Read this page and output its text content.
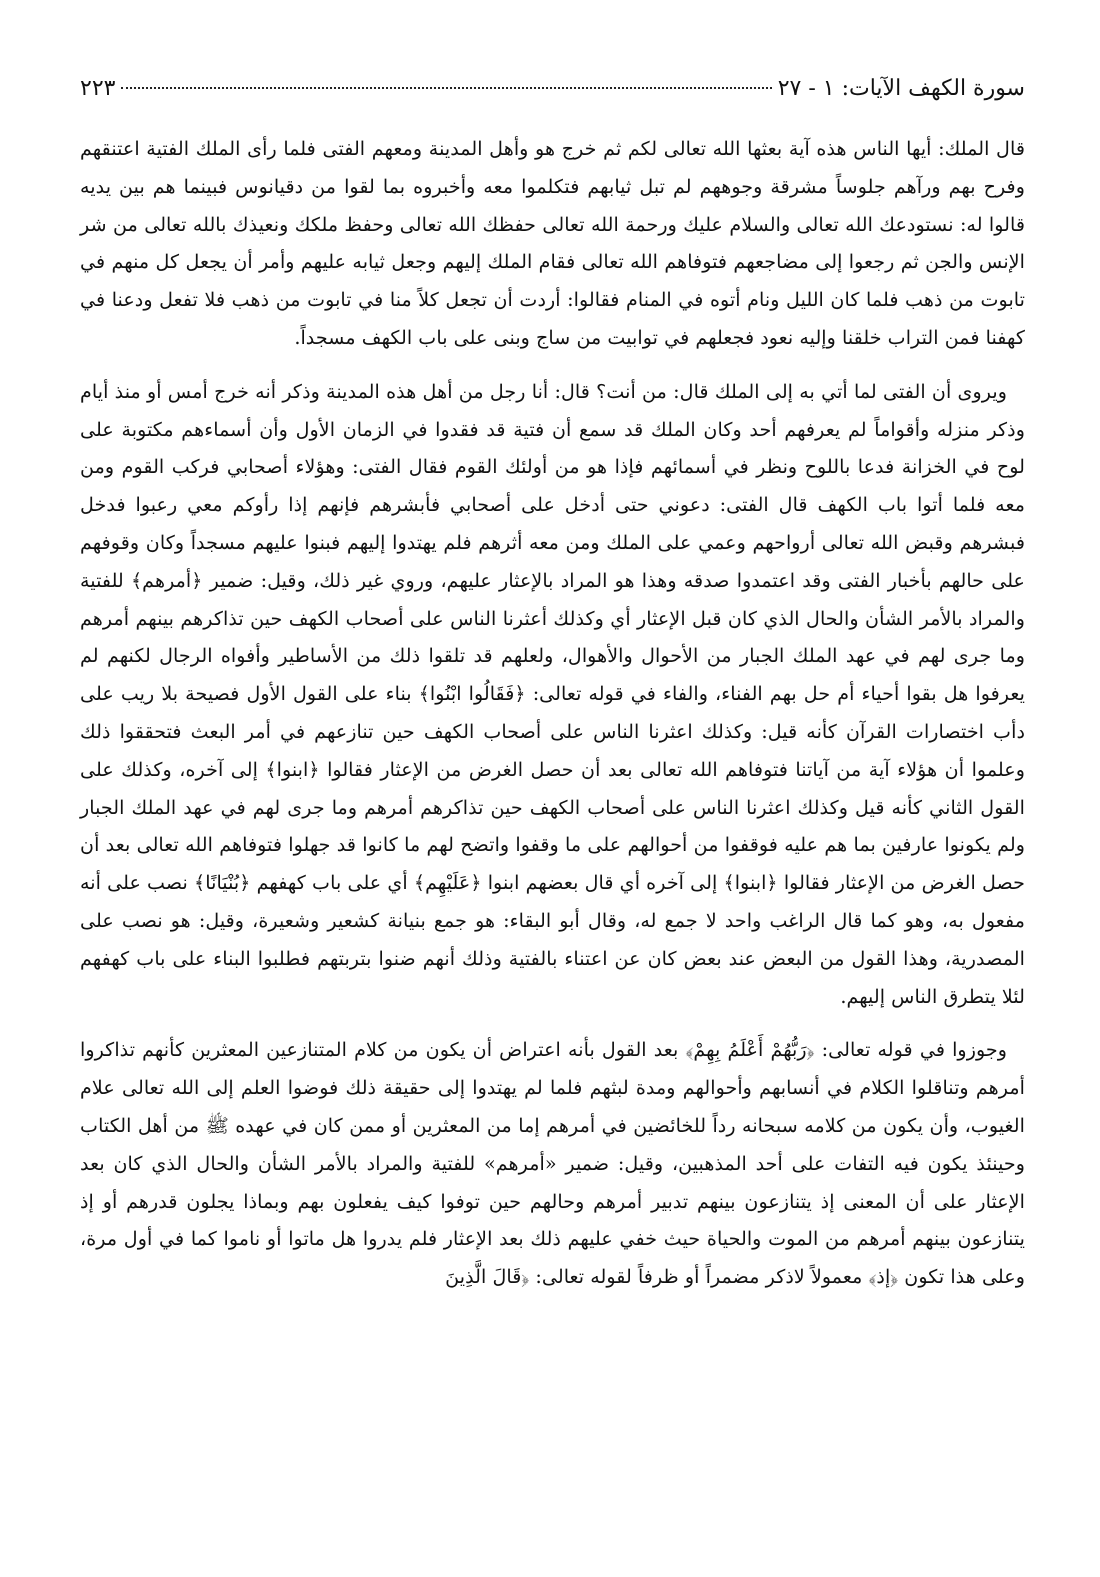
سورة الكهف الآيات: ١ - ٢٧
٢٢٣

قال الملك: أيها الناس هذه آية بعثها الله تعالى لكم ثم خرج هو وأهل المدينة ومعهم الفتى فلما رأى الملك الفتية اعتنقهم وفرح بهم ورآهم جلوساً مشرقة وجوههم لم تبل ثيابهم فتكلموا معه وأخبروه بما لقوا من دقيانوس فبينما هم بين يديه قالوا له: نستودعك الله تعالى والسلام عليك ورحمة الله تعالى حفظك الله تعالى وحفظ ملكك ونعيذك بالله تعالى من شر الإنس والجن ثم رجعوا إلى مضاجعهم فتوفاهم الله تعالى فقام الملك إليهم وجعل ثيابه عليهم وأمر أن يجعل كل منهم في تابوت من ذهب فلما كان الليل ونام أتوه في المنام فقالوا: أردت أن تجعل كلاً منا في تابوت من ذهب فلا تفعل ودعنا في كهفنا فمن التراب خلقنا وإليه نعود فجعلهم في توابيت من ساج وبنى على باب الكهف مسجداً.

ويروى أن الفتى لما أتي به إلى الملك قال: من أنت؟ قال: أنا رجل من أهل هذه المدينة وذكر أنه خرج أمس أو منذ أيام وذكر منزله وأقواماً لم يعرفهم أحد وكان الملك قد سمع أن فتية قد فقدوا في الزمان الأول وأن أسماءهم مكتوبة على لوح في الخزانة فدعا باللوح ونظر في أسمائهم فإذا هو من أولئك القوم فقال الفتى: وهؤلاء أصحابي فركب القوم ومن معه فلما أتوا باب الكهف قال الفتى: دعوني حتى أدخل على أصحابي فأبشرهم فإنهم إذا رأوكم معي رعبوا فدخل فبشرهم وقبض الله تعالى أرواحهم وعمي على الملك ومن معه أثرهم فلم يهتدوا إليهم فبنوا عليهم مسجداً وكان وقوفهم على حالهم بأخبار الفتى وقد اعتمدوا صدقه وهذا هو المراد بالإعثار عليهم، وروي غير ذلك، وقيل: ضمير ﴿أمرهم﴾ للفتية والمراد بالأمر الشأن والحال الذي كان قبل الإعثار أي وكذلك أعثرنا الناس على أصحاب الكهف حين تذاكرهم بينهم أمرهم وما جرى لهم في عهد الملك الجبار من الأحوال والأهوال، ولعلهم قد تلقوا ذلك من الأساطير وأفواه الرجال لكنهم لم يعرفوا هل بقوا أحياء أم حل بهم الفناء، والفاء في قوله تعالى: ﴿فَقَالُوا ابْنُوا﴾ بناء على القول الأول فصيحة بلا ريب على دأب اختصارات القرآن كأنه قيل: وكذلك اعثرنا الناس على أصحاب الكهف حين تنازعهم في أمر البعث فتحققوا ذلك وعلموا أن هؤلاء آية من آياتنا فتوفاهم الله تعالى بعد أن حصل الغرض من الإعثار فقالوا ﴿ابنوا﴾ إلى آخره، وكذلك على القول الثاني كأنه قيل وكذلك اعثرنا الناس على أصحاب الكهف حين تذاكرهم أمرهم وما جرى لهم في عهد الملك الجبار ولم يكونوا عارفين بما هم عليه فوقفوا من أحوالهم على ما وقفوا واتضح لهم ما كانوا قد جهلوا فتوفاهم الله تعالى بعد أن حصل الغرض من الإعثار فقالوا ﴿ابنوا﴾ إلى آخره أي قال بعضهم ابنوا ﴿عَلَيْهِم﴾ أي على باب كهفهم ﴿بُنْيَانًا﴾ نصب على أنه مفعول به، وهو كما قال الراغب واحد لا جمع له، وقال أبو البقاء: هو جمع بنيانة كشعير وشعيرة، وقيل: هو نصب على المصدرية، وهذا القول من البعض عند بعض كان عن اعتناء بالفتية وذلك أنهم ضنوا بتربتهم فطلبوا البناء على باب كهفهم لئلا يتطرق الناس إليهم.

وجوزوا في قوله تعالى: ﴿رَبُّهُمْ أَعْلَمُ بِهِمْ﴾ بعد القول بأنه اعتراض أن يكون من كلام المتنازعين المعثرين كأنهم تذاكروا أمرهم وتناقلوا الكلام في أنسابهم وأحوالهم ومدة لبثهم فلما لم يهتدوا إلى حقيقة ذلك فوضوا العلم إلى الله تعالى علام الغيوب، وأن يكون من كلامه سبحانه رداً للخائضين في أمرهم إما من المعثرين أو ممن كان في عهده ﷺ من أهل الكتاب وحينئذ يكون فيه التفات على أحد المذهبين، وقيل: ضمير «أمرهم» للفتية والمراد بالأمر الشأن والحال الذي كان بعد الإعثار على أن المعنى إذ يتنازعون بينهم تدبير أمرهم وحالهم حين توفوا كيف يفعلون بهم وبماذا يجلون قدرهم أو إذ يتنازعون بينهم أمرهم من الموت والحياة حيث خفي عليهم ذلك بعد الإعثار فلم يدروا هل ماتوا أو ناموا كما في أول مرة، وعلى هذا تكون ﴿إذ﴾ معمولاً لاذكر مضمراً أو ظرفاً لقوله تعالى: ﴿قَالَ الَّذِينَ
